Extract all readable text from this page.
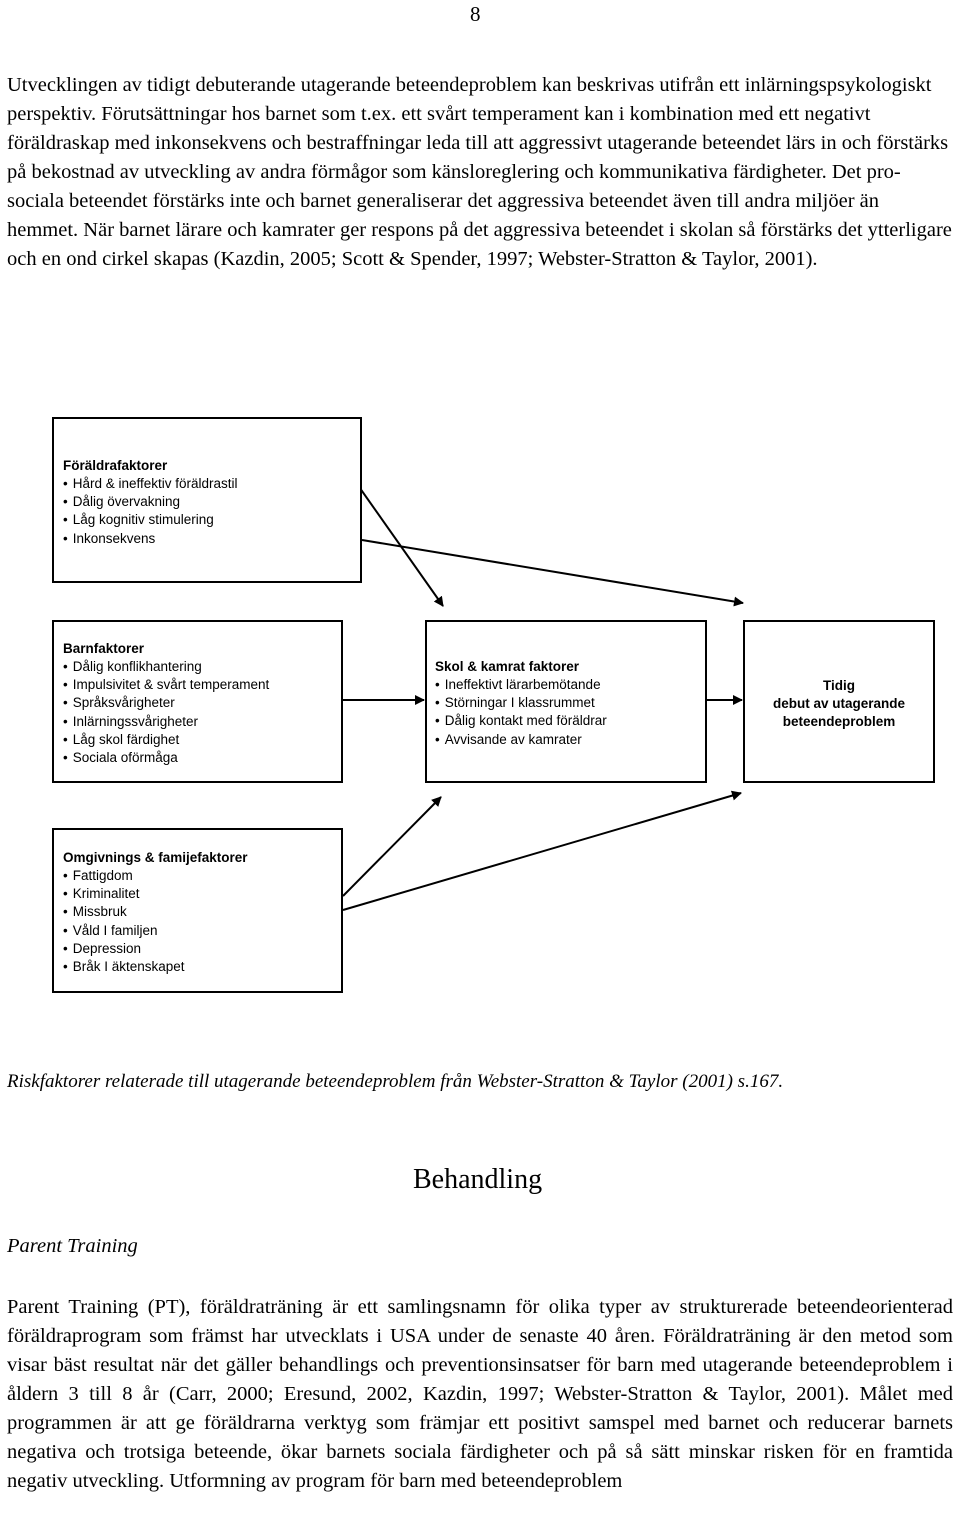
8

Utvecklingen av tidigt debuterande utagerande beteendeproblem kan beskrivas utifrån ett inlärningspsykologiskt perspektiv. Förutsättningar hos barnet som t.ex. ett svårt temperament kan i kombination med ett negativt föräldraskap med inkonsekvens och bestraffningar leda till att aggressivt utagerande beteendet lärs in och förstärks på bekostnad av utveckling av andra förmågor som känsloreglering och kommunikativa färdigheter. Det pro-sociala beteendet förstärks inte och barnet generaliserar det aggressiva beteendet även till andra miljöer än hemmet. När barnet lärare och kamrater ger respons på det aggressiva beteendet i skolan så förstärks det ytterligare och en ond cirkel skapas (Kazdin, 2005; Scott & Spender, 1997; Webster-Stratton & Taylor, 2001).

Föräldrafaktorer
• Hård & ineffektiv föräldrastil
• Dålig övervakning
• Låg kognitiv stimulering
• Inkonsekvens
Barnfaktorer
• Dålig konflikhantering
• Impulsivitet & svårt temperament
• Språksvårigheter
• Inlärningssvårigheter
• Låg skol färdighet
• Sociala oförmåga
Skol & kamrat faktorer
• Ineffektivt lärarbemötande
• Störningar I klassrummet
• Dålig kontakt med föräldrar
• Avvisande av kamrater
Tidig
debut av utagerande
beteendeproblem
Omgivnings & famijefaktorer
• Fattigdom
• Kriminalitet
• Missbruk
• Våld I familjen
• Depression
• Bråk I äktenskapet
Riskfaktorer relaterade till utagerande beteendeproblem från Webster-Stratton & Taylor (2001) s.167.
Behandling
Parent Training

Parent Training (PT), föräldraträning är ett samlingsnamn för olika typer av strukturerade beteendeorienterad föräldraprogram som främst har utvecklats i USA under de senaste 40 åren. Föräldraträning är den metod som visar bäst resultat när det gäller behandlings och preventionsinsatser för barn med utagerande beteendeproblem i åldern 3 till 8 år (Carr, 2000; Eresund, 2002, Kazdin, 1997; Webster-Stratton & Taylor, 2001). Målet med programmen är att ge föräldrarna verktyg som främjar ett positivt samspel med barnet och reducerar barnets negativa och trotsiga beteende, ökar barnets sociala färdigheter och på så sätt minskar risken för en framtida negativ utveckling. Utformning av program för barn med beteendeproblem
